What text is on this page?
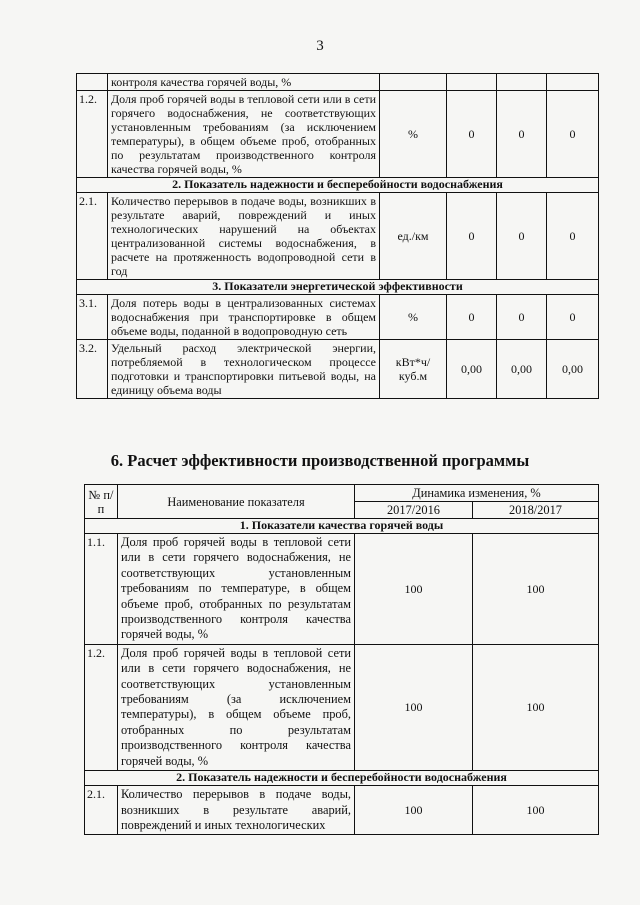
3
	контроля качества горячей воды, %				
1.2.	Доля проб горячей воды в тепловой сети или в сети горячего водоснабжения, не соответствующих установленным требованиям (за исключением температуры), в общем объеме проб, отобранных по результатам производственного контроля качества горячей воды, %	%	0	0	0
2. Показатель надежности и бесперебойности водоснабжения					
2.1.	Количество перерывов в подаче воды, возникших в результате аварий, повреждений и иных технологических нарушений на объектах централизованной системы водоснабжения, в расчете на протяженность водопроводной сети в год	ед./км	0	0	0
3. Показатели энергетической эффективности					
3.1.	Доля потерь воды в централизованных системах водоснабжения при транспортировке в общем объеме воды, поданной в водопроводную сеть	%	0	0	0
3.2.	Удельный расход электрической энергии, потребляемой в технологическом процессе подготовки и транспортировки питьевой воды, на единицу объема воды	кВт*ч/ куб.м	0,00	0,00	0,00
6. Расчет эффективности производственной программы
№ п/п	Наименование показателя	Динамика изменения, %	
		2017/2016	2018/2017
1. Показатели качества горячей воды			
1.1.	Доля проб горячей воды в тепловой сети или в сети горячего водоснабжения, не соответствующих установленным требованиям по температуре, в общем объеме проб, отобранных по результатам производственного контроля качества горячей воды, %	100	100
1.2.	Доля проб горячей воды в тепловой сети или в сети горячего водоснабжения, не соответствующих установленным требованиям (за исключением температуры), в общем объеме проб, отобранных по результатам производственного контроля качества горячей воды, %	100	100
2. Показатель надежности и бесперебойности водоснабжения			
2.1.	Количество перерывов в подаче воды, возникших в результате аварий, повреждений и иных технологических	100	100
